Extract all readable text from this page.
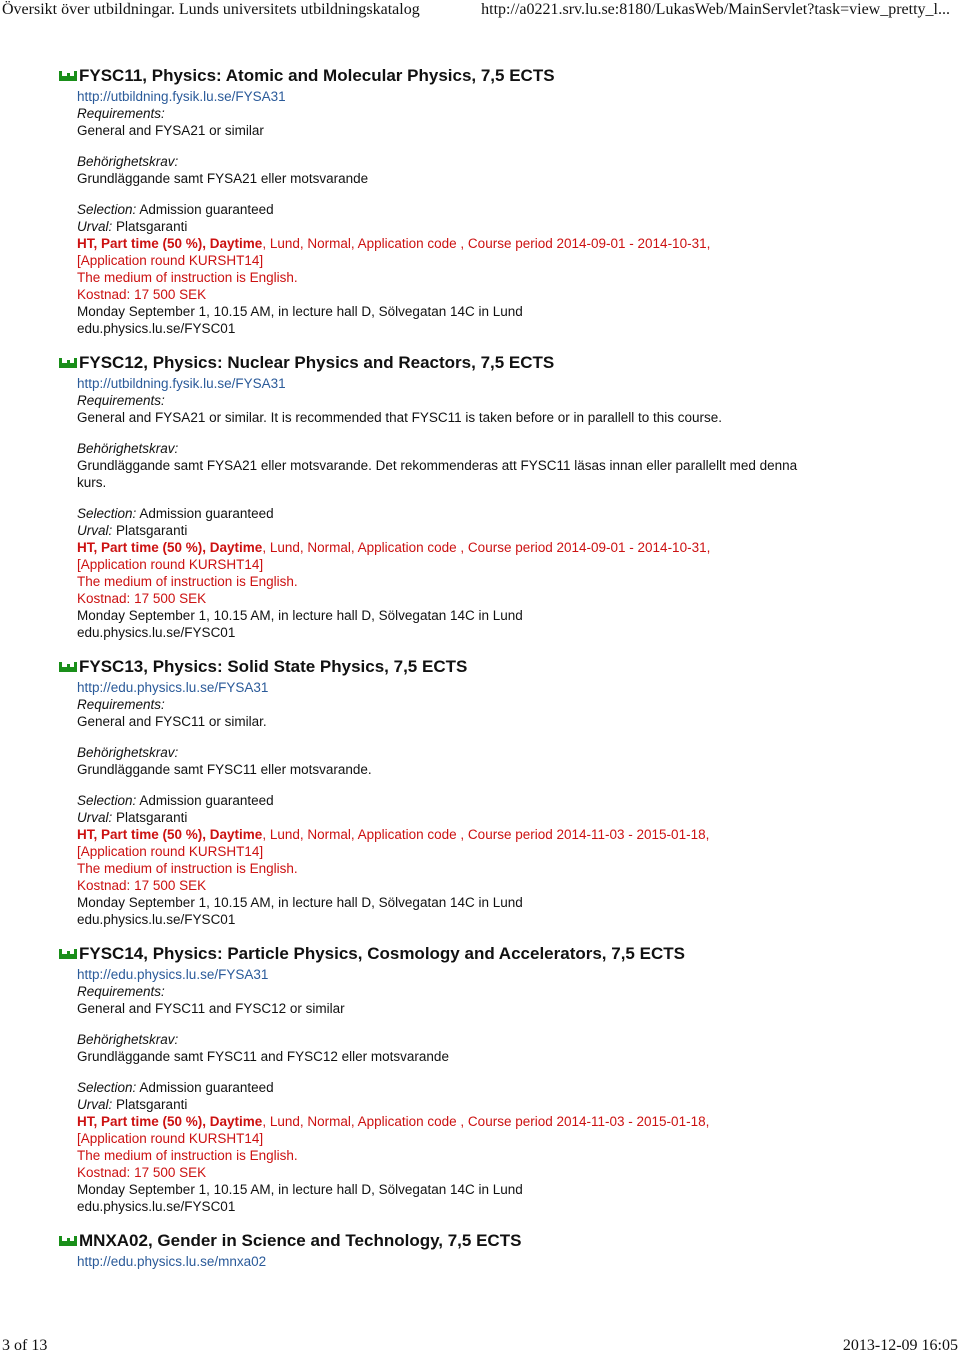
Översikt över utbildningar. Lunds universitets utbildningskatalog	http://a0221.srv.lu.se:8180/LukasWeb/MainServlet?task=view_pretty_l...
FYSC11, Physics: Atomic and Molecular Physics, 7,5 ECTS
http://utbildning.fysik.lu.se/FYSA31
Requirements:
General and FYSA21 or similar
Behörighetskrav:
Grundläggande samt FYSA21 eller motsvarande
Selection: Admission guaranteed
Urval: Platsgaranti
HT, Part time (50 %), Daytime, Lund, Normal, Application code , Course period 2014-09-01 - 2014-10-31,
[Application round KURSHT14]
The medium of instruction is English.
Kostnad: 17 500 SEK
Monday September 1, 10.15 AM, in lecture hall D, Sölvegatan 14C in Lund
edu.physics.lu.se/FYSC01
FYSC12, Physics: Nuclear Physics and Reactors, 7,5 ECTS
http://utbildning.fysik.lu.se/FYSA31
Requirements:
General and FYSA21 or similar. It is recommended that FYSC11 is taken before or in parallell to this course.
Behörighetskrav:
Grundläggande samt FYSA21 eller motsvarande. Det rekommenderas att FYSC11 läsas innan eller parallellt med denna kurs.
Selection: Admission guaranteed
Urval: Platsgaranti
HT, Part time (50 %), Daytime, Lund, Normal, Application code , Course period 2014-09-01 - 2014-10-31,
[Application round KURSHT14]
The medium of instruction is English.
Kostnad: 17 500 SEK
Monday September 1, 10.15 AM, in lecture hall D, Sölvegatan 14C in Lund
edu.physics.lu.se/FYSC01
FYSC13, Physics: Solid State Physics, 7,5 ECTS
http://edu.physics.lu.se/FYSA31
Requirements:
General and FYSC11 or similar.
Behörighetskrav:
Grundläggande samt FYSC11 eller motsvarande.
Selection: Admission guaranteed
Urval: Platsgaranti
HT, Part time (50 %), Daytime, Lund, Normal, Application code , Course period 2014-11-03 - 2015-01-18,
[Application round KURSHT14]
The medium of instruction is English.
Kostnad: 17 500 SEK
Monday September 1, 10.15 AM, in lecture hall D, Sölvegatan 14C in Lund
edu.physics.lu.se/FYSC01
FYSC14, Physics: Particle Physics, Cosmology and Accelerators, 7,5 ECTS
http://edu.physics.lu.se/FYSA31
Requirements:
General and FYSC11 and FYSC12 or similar
Behörighetskrav:
Grundläggande samt FYSC11 and FYSC12 eller motsvarande
Selection: Admission guaranteed
Urval: Platsgaranti
HT, Part time (50 %), Daytime, Lund, Normal, Application code , Course period 2014-11-03 - 2015-01-18,
[Application round KURSHT14]
The medium of instruction is English.
Kostnad: 17 500 SEK
Monday September 1, 10.15 AM, in lecture hall D, Sölvegatan 14C in Lund
edu.physics.lu.se/FYSC01
MNXA02, Gender in Science and Technology, 7,5 ECTS
http://edu.physics.lu.se/mnxa02
3 of 13	2013-12-09 16:05
